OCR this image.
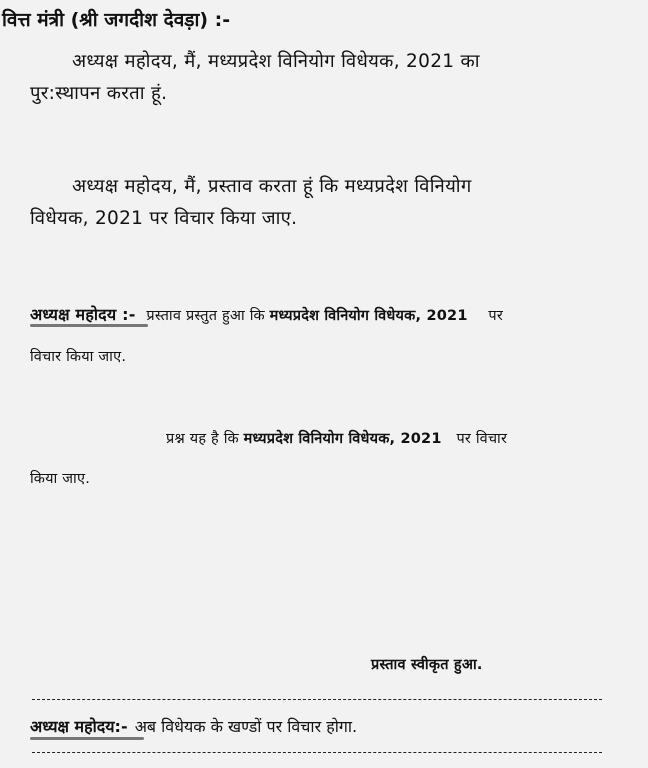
वित्त मंत्री (श्री जगदीश देवड़ा) :-
अध्यक्ष महोदय, मैं, मध्यप्रदेश विनियोग विधेयक, 2021 का
पुर:स्थापन करता हूं.
अध्यक्ष महोदय, मैं, प्रस्ताव करता हूं कि मध्यप्रदेश विनियोग
विधेयक, 2021 पर विचार किया जाए.
अध्यक्ष महोदय :- प्रस्ताव प्रस्तुत हुआ कि मध्यप्रदेश विनियोग विधेयक, 2021 पर
विचार किया जाए.
प्रश्न यह है कि मध्यप्रदेश विनियोग विधेयक, 2021 पर विचार
किया जाए.
प्रस्ताव स्वीकृत हुआ.
अध्यक्ष महोदय:- अब विधेयक के खण्डों पर विचार होगा.
